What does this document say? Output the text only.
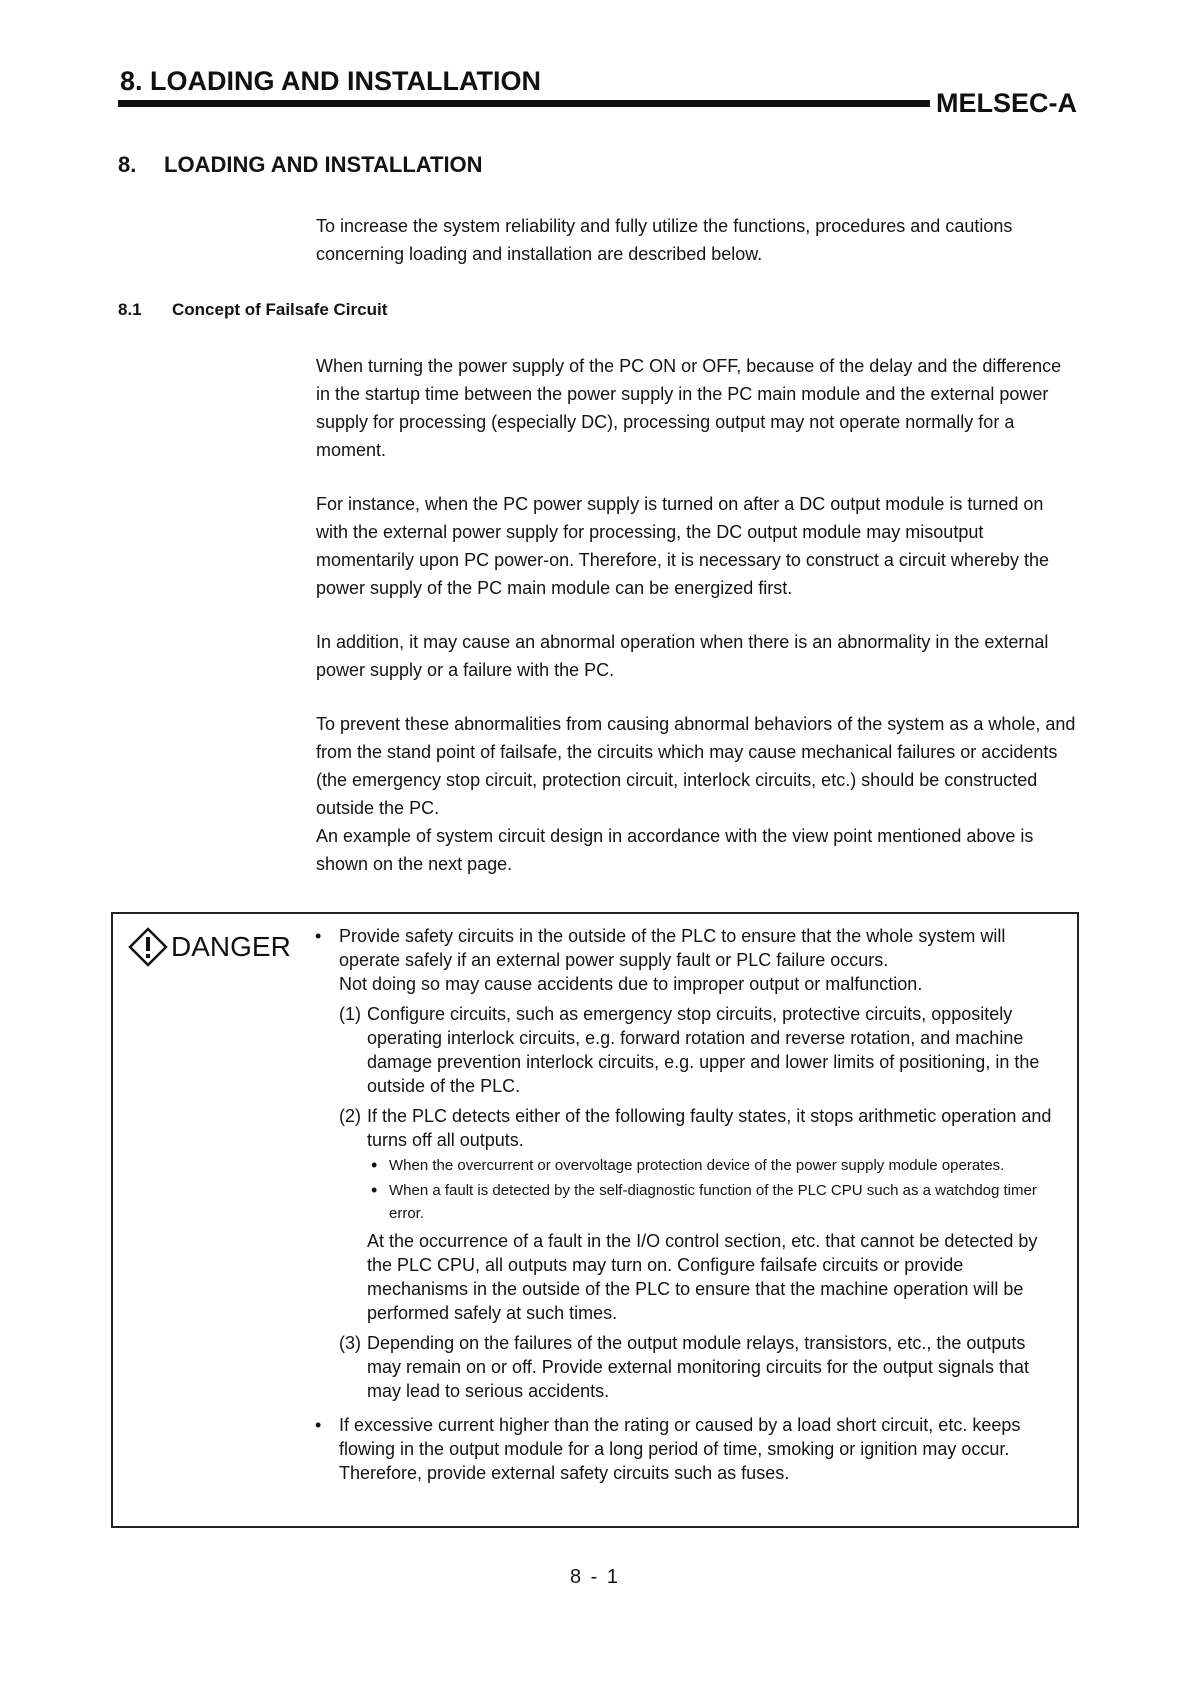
8. LOADING AND INSTALLATION
MELSEC-A
8. LOADING AND INSTALLATION

To increase the system reliability and fully utilize the functions, procedures and cautions concerning loading and installation are described below.

8.1 Concept of Failsafe Circuit

When turning the power supply of the PC ON or OFF, because of the delay and the difference in the startup time between the power supply in the PC main module and the external power supply for processing (especially DC), processing output may not operate normally for a moment.

For instance, when the PC power supply is turned on after a DC output module is turned on with the external power supply for processing, the DC output module may misoutput momentarily upon PC power-on. Therefore, it is necessary to construct a circuit whereby the power supply of the PC main module can be energized first.

In addition, it may cause an abnormal operation when there is an abnormality in the external power supply or a failure with the PC.

To prevent these abnormalities from causing abnormal behaviors of the system as a whole, and from the stand point of failsafe, the circuits which may cause mechanical failures or accidents (the emergency stop circuit, protection circuit, interlock circuits, etc.) should be constructed outside the PC.

An example of system circuit design in accordance with the view point mentioned above is shown on the next page.

DANGER • Provide safety circuits in the outside of the PLC to ensure that the whole system will operate safely if an external power supply fault or PLC failure occurs.
Not doing so may cause accidents due to improper output or malfunction.
(1) Configure circuits, such as emergency stop circuits, protective circuits, oppositely operating interlock circuits, e.g. forward rotation and reverse rotation, and machine damage prevention interlock circuits, e.g. upper and lower limits of positioning, in the outside of the PLC.
(2) If the PLC detects either of the following faulty states, it stops arithmetic operation and turns off all outputs.
• When the overcurrent or overvoltage protection device of the power supply module operates.
• When a fault is detected by the self-diagnostic function of the PLC CPU such as a watchdog timer error.
At the occurrence of a fault in the I/O control section, etc. that cannot be detected by the PLC CPU, all outputs may turn on. Configure failsafe circuits or provide mechanisms in the outside of the PLC to ensure that the machine operation will be performed safely at such times.
(3) Depending on the failures of the output module relays, transistors, etc., the outputs may remain on or off. Provide external monitoring circuits for the output signals that may lead to serious accidents.
• If excessive current higher than the rating or caused by a load short circuit, etc. keeps flowing in the output module for a long period of time, smoking or ignition may occur. Therefore, provide external safety circuits such as fuses.
8 - 1
